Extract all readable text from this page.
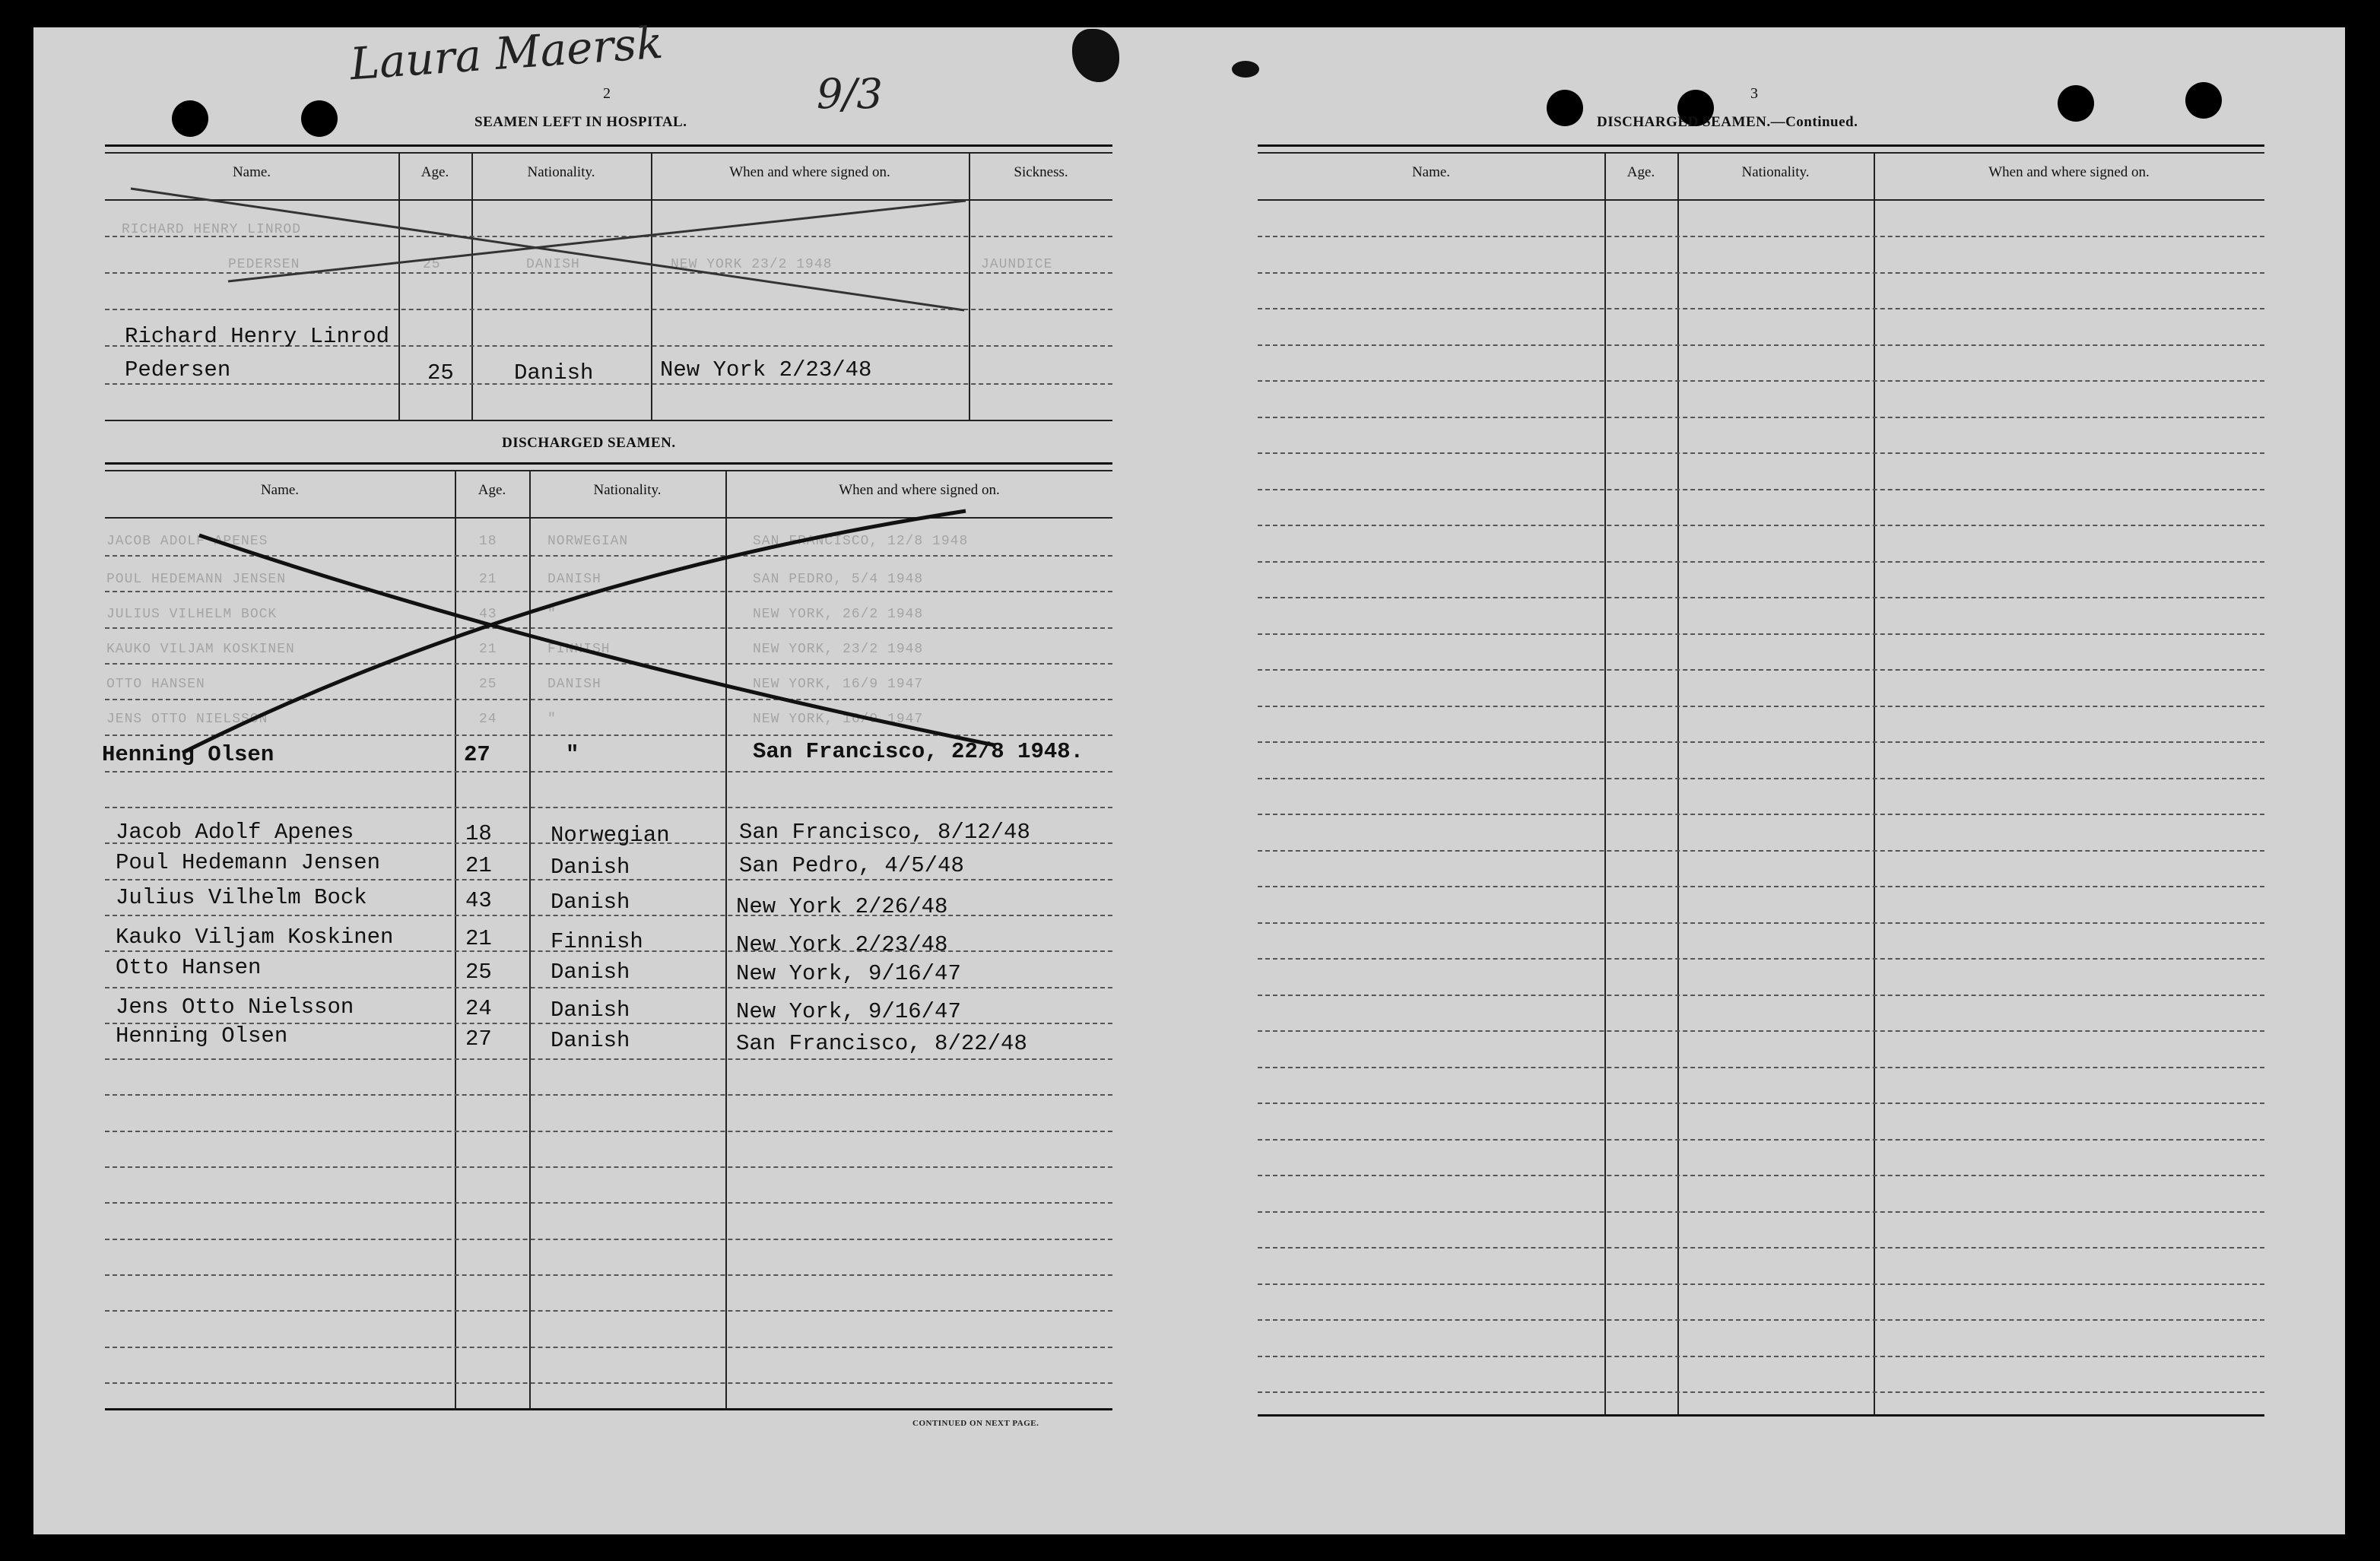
Laura Maersk
9/3
2
SEAMEN LEFT IN HOSPITAL.
Name.	Age.	Nationality.	When and where signed on.	Sickness.
RICHARD HENRY LINROD
PEDERSEN	25	DANISH	NEW YORK 23/2 1948	JAUNDICE
Richard Henry Linrod
Pedersen	25	Danish	New York 2/23/48
DISCHARGED SEAMEN.
Name.	Age.	Nationality.	When and where signed on.
JACOB ADOLF APENES	18	NORWEGIAN	SAN FRANCISCO, 12/8 1948
POUL HEDEMANN JENSEN	21	DANISH	SAN PEDRO, 5/4 1948
JULIUS VILHELM BOCK	43	"	NEW YORK, 26/2 1948
KAUKO VILJAM KOSKINEN	21	FINNISH	NEW YORK, 23/2 1948
OTTO HANSEN	25	DANISH	NEW YORK, 16/9 1947
JENS OTTO NIELSSON	24	"	NEW YORK, 16/9 1947
Henning Olsen	27	"	San Francisco, 22/8 1948.
Jacob Adolf Apenes	18	Norwegian	San Francisco, 8/12/48
Poul Hedemann Jensen	21	Danish	San Pedro, 4/5/48
Julius Vilhelm Bock	43	Danish	New York 2/26/48
Kauko Viljam Koskinen	21	Finnish	New York 2/23/48
Otto Hansen	25	Danish	New York, 9/16/47
Jens Otto Nielsson	24	Danish	New York, 9/16/47
Henning Olsen	27	Danish	San Francisco, 8/22/48
CONTINUED ON NEXT PAGE.
3
DISCHARGED SEAMEN.—Continued.
Name.	Age.	Nationality.	When and where signed on.
